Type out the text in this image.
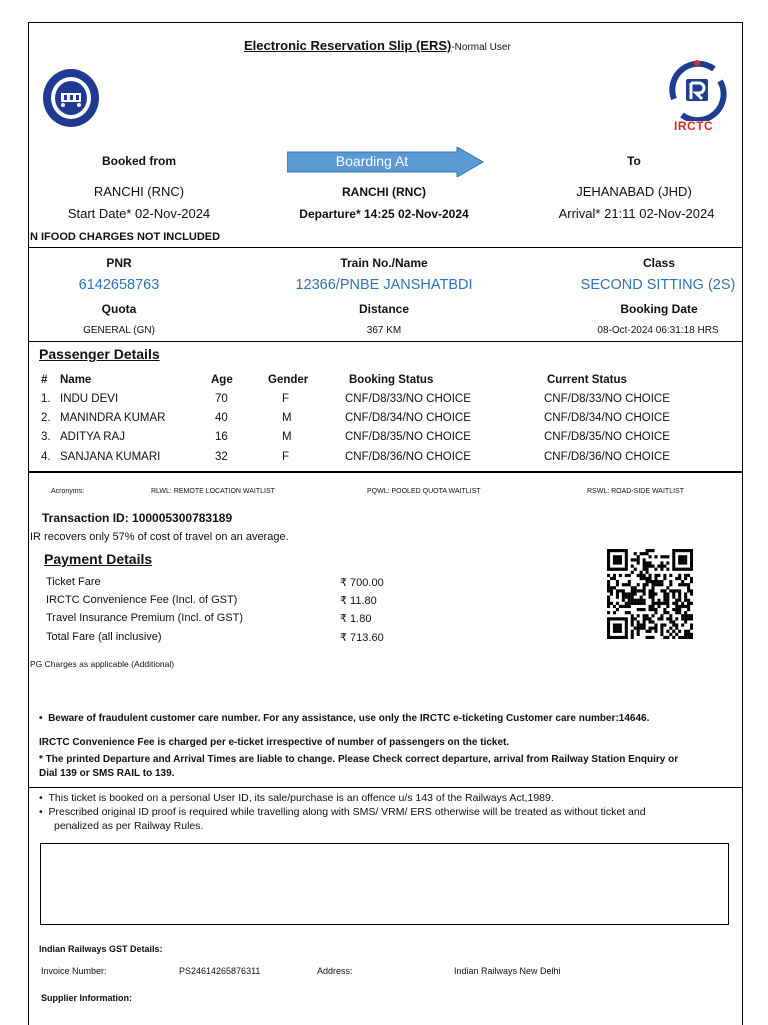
Electronic Reservation Slip (ERS)-Normal User
IRCTC
Booked from	Boarding At	To
RANCHI (RNC)	RANCHI (RNC)	JEHANABAD (JHD)
Start Date* 02-Nov-2024	Departure* 14:25 02-Nov-2024	Arrival* 21:11 02-Nov-2024
N IFOOD CHARGES NOT INCLUDED
PNR	Train No./Name	Class
6142658763	12366/PNBE JANSHATBDI	SECOND SITTING (2S)
Quota	Distance	Booking Date
GENERAL (GN)	367 KM	08-Oct-2024 06:31:18 HRS
Passenger Details
# Name	Age	Gender	Booking Status	Current Status
1. INDU DEVI	70	F	CNF/D8/33/NO CHOICE	CNF/D8/33/NO CHOICE
2. MANINDRA KUMAR	40	M	CNF/D8/34/NO CHOICE	CNF/D8/34/NO CHOICE
3. ADITYA RAJ	16	M	CNF/D8/35/NO CHOICE	CNF/D8/35/NO CHOICE
4. SANJANA KUMARI	32	F	CNF/D8/36/NO CHOICE	CNF/D8/36/NO CHOICE
Acronyms:	RLWL: REMOTE LOCATION WAITLIST	PQWL: POOLED QUOTA WAITLIST	RSWL: ROAD-SIDE WAITLIST
Transaction ID: 100005300783189
IR recovers only 57% of cost of travel on an average.
Payment Details
Ticket Fare	₹ 700.00
IRCTC Convenience Fee (Incl. of GST)	₹ 11.80
Travel Insurance Premium (Incl. of GST)	₹ 1.80
Total Fare (all inclusive)	₹ 713.60
PG Charges as applicable (Additional)
•  Beware of fraudulent customer care number. For any assistance, use only the IRCTC e-ticketing Customer care number:14646.
IRCTC Convenience Fee is charged per e-ticket irrespective of number of passengers on the ticket.
* The printed Departure and Arrival Times are liable to change. Please Check correct departure, arrival from Railway Station Enquiry or
Dial 139 or SMS RAIL to 139.
•  This ticket is booked on a personal User ID, its sale/purchase is an offence u/s 143 of the Railways Act,1989.
•  Prescribed original ID proof is required while travelling along with SMS/ VRM/ ERS otherwise will be treated as without ticket and
penalized as per Railway Rules.
Indian Railways GST Details:
Invoice Number:	PS24614265876311	Address:	Indian Railways New Delhi
Supplier Information:
